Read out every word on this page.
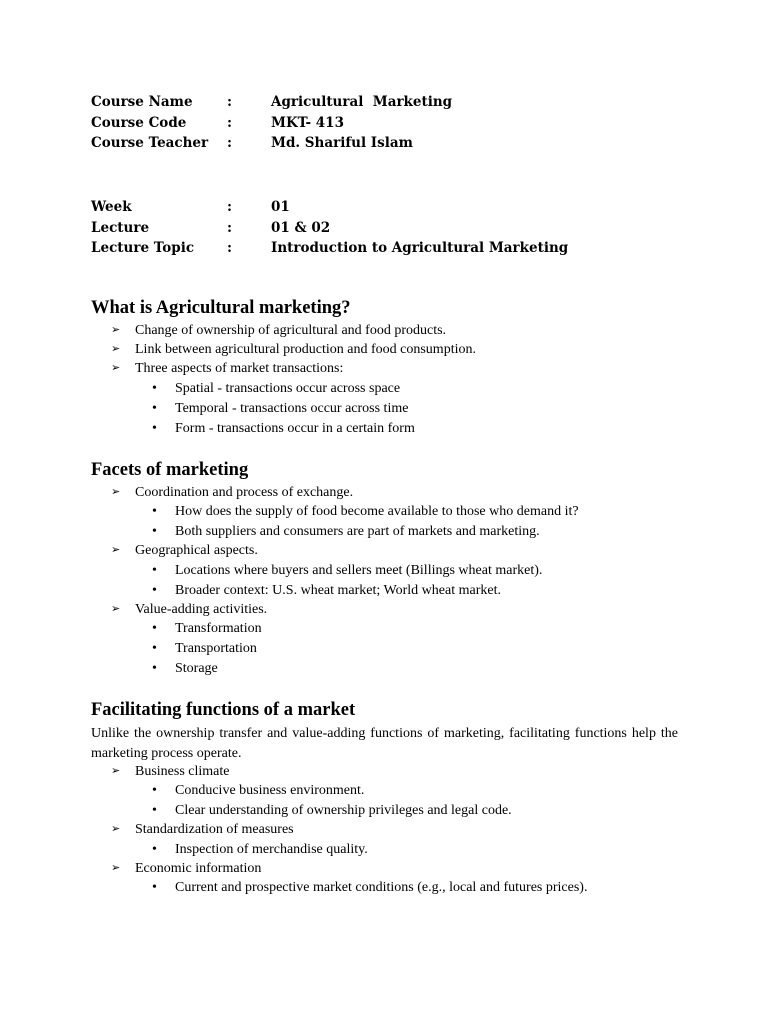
Course Name	:	Agricultural  Marketing
Course Code	:	MKT- 413
Course Teacher	:	Md. Shariful Islam
Week	:	01
Lecture	:	01 & 02
Lecture Topic	:	Introduction to Agricultural Marketing
What is Agricultural marketing?
➢ Change of ownership of agricultural and food products.
➢ Link between agricultural production and food consumption.
➢ Three aspects of market transactions:
• Spatial - transactions occur across space
• Temporal - transactions occur across time
• Form - transactions occur in a certain form
Facets of marketing
➢ Coordination and process of exchange.
• How does the supply of food become available to those who demand it?
• Both suppliers and consumers are part of markets and marketing.
➢ Geographical aspects.
• Locations where buyers and sellers meet (Billings wheat market).
• Broader context: U.S. wheat market; World wheat market.
➢ Value-adding activities.
• Transformation
• Transportation
• Storage
Facilitating functions of a market

Unlike the ownership transfer and value-adding functions of marketing, facilitating functions help the marketing process operate.

➢ Business climate
• Conducive business environment.
• Clear understanding of ownership privileges and legal code.
➢ Standardization of measures
• Inspection of merchandise quality.
➢ Economic information
• Current and prospective market conditions (e.g., local and futures prices).
